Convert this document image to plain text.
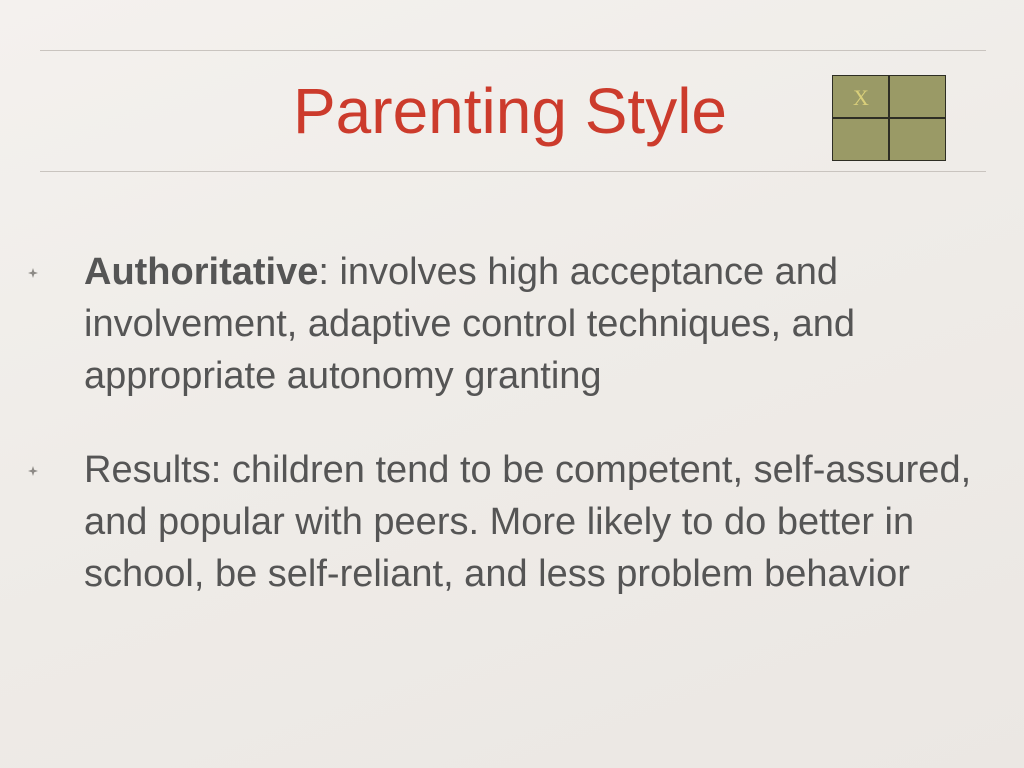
Parenting Style	X
Authoritative: involves high acceptance and involvement, adaptive control techniques, and appropriate autonomy granting
Results: children tend to be competent, self-assured, and popular with peers. More likely to do better in school, be self-reliant, and less problem behavior
